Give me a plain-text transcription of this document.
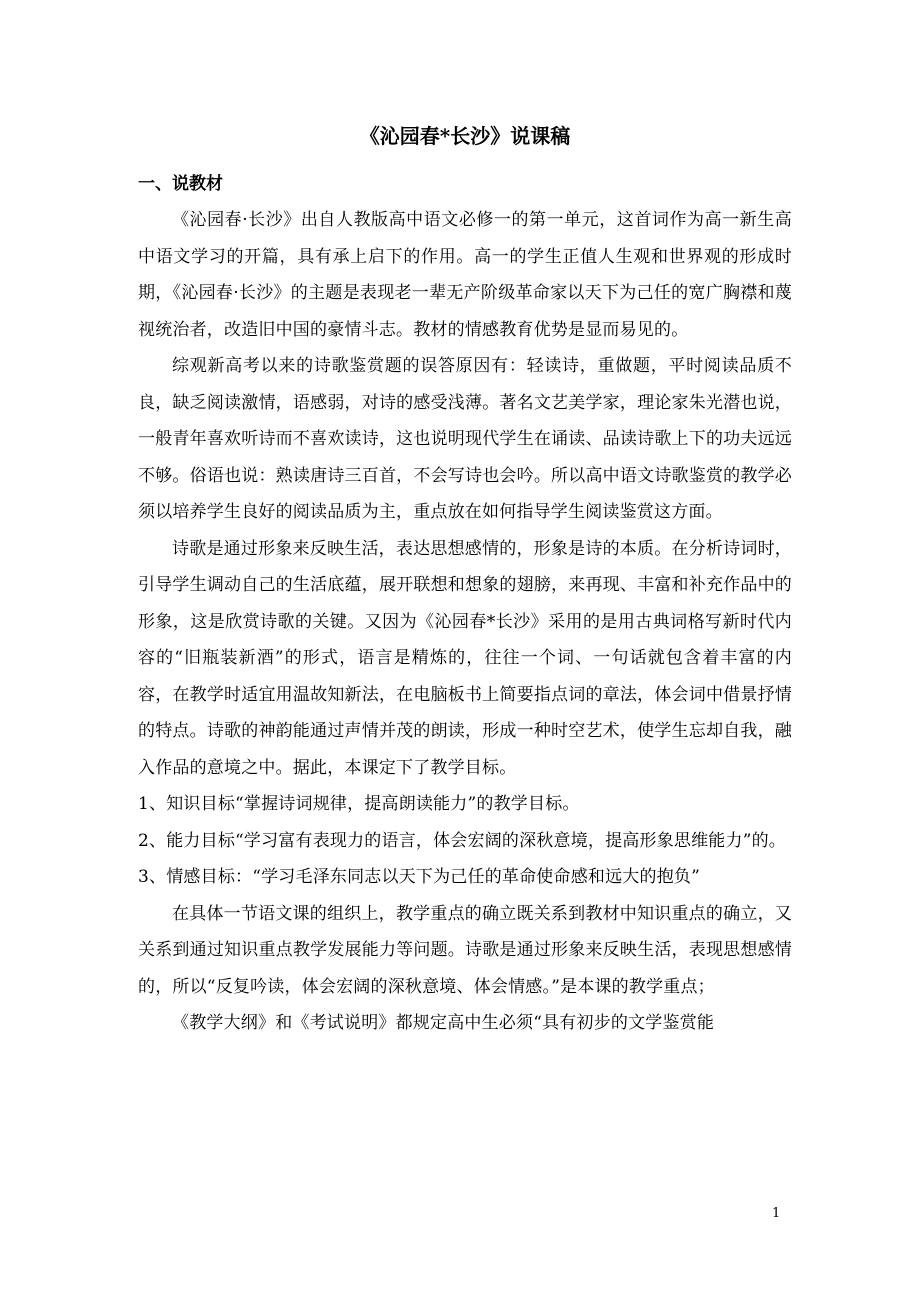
《沁园春*长沙》说课稿
一、说教材

《沁园春·长沙》出自人教版高中语文必修一的第一单元，这首词作为高一新生高中语文学习的开篇，具有承上启下的作用。高一的学生正值人生观和世界观的形成时期，《沁园春·长沙》的主题是表现老一辈无产阶级革命家以天下为己任的宽广胸襟和蔑视统治者，改造旧中国的豪情斗志。教材的情感教育优势是显而易见的。

综观新高考以来的诗歌鉴赏题的误答原因有：轻读诗，重做题，平时阅读品质不良，缺乏阅读激情，语感弱，对诗的感受浅薄。著名文艺美学家，理论家朱光潜也说，一般青年喜欢听诗而不喜欢读诗，这也说明现代学生在诵读、品读诗歌上下的功夫远远不够。俗语也说：熟读唐诗三百首，不会写诗也会吟。所以高中语文诗歌鉴赏的教学必须以培养学生良好的阅读品质为主，重点放在如何指导学生阅读鉴赏这方面。

诗歌是通过形象来反映生活，表达思想感情的，形象是诗的本质。在分析诗词时，引导学生调动自己的生活底蕴，展开联想和想象的翅膀，来再现、丰富和补充作品中的形象，这是欣赏诗歌的关键。又因为《沁园春*长沙》采用的是用古典词格写新时代内容的“旧瓶装新酒”的形式，语言是精炼的，往往一个词、一句话就包含着丰富的内容，在教学时适宜用温故知新法，在电脑板书上简要指点词的章法，体会词中借景抒情的特点。诗歌的神韵能通过声情并茂的朗读，形成一种时空艺术，使学生忘却自我，融入作品的意境之中。据此，本课定下了教学目标。

1、知识目标“掌握诗词规律，提高朗读能力”的教学目标。

2、能力目标“学习富有表现力的语言，体会宏阔的深秋意境，提高形象思维能力”的。

3、情感目标：“学习毛泽东同志以天下为己任的革命使命感和远大的抱负”

在具体一节语文课的组织上，教学重点的确立既关系到教材中知识重点的确立，又关系到通过知识重点教学发展能力等问题。诗歌是通过形象来反映生活，表现思想感情的，所以“反复吟读，体会宏阔的深秋意境、体会情感。”是本课的教学重点；

《教学大纲》和《考试说明》都规定高中生必须“具有初步的文学鉴赏能

1
